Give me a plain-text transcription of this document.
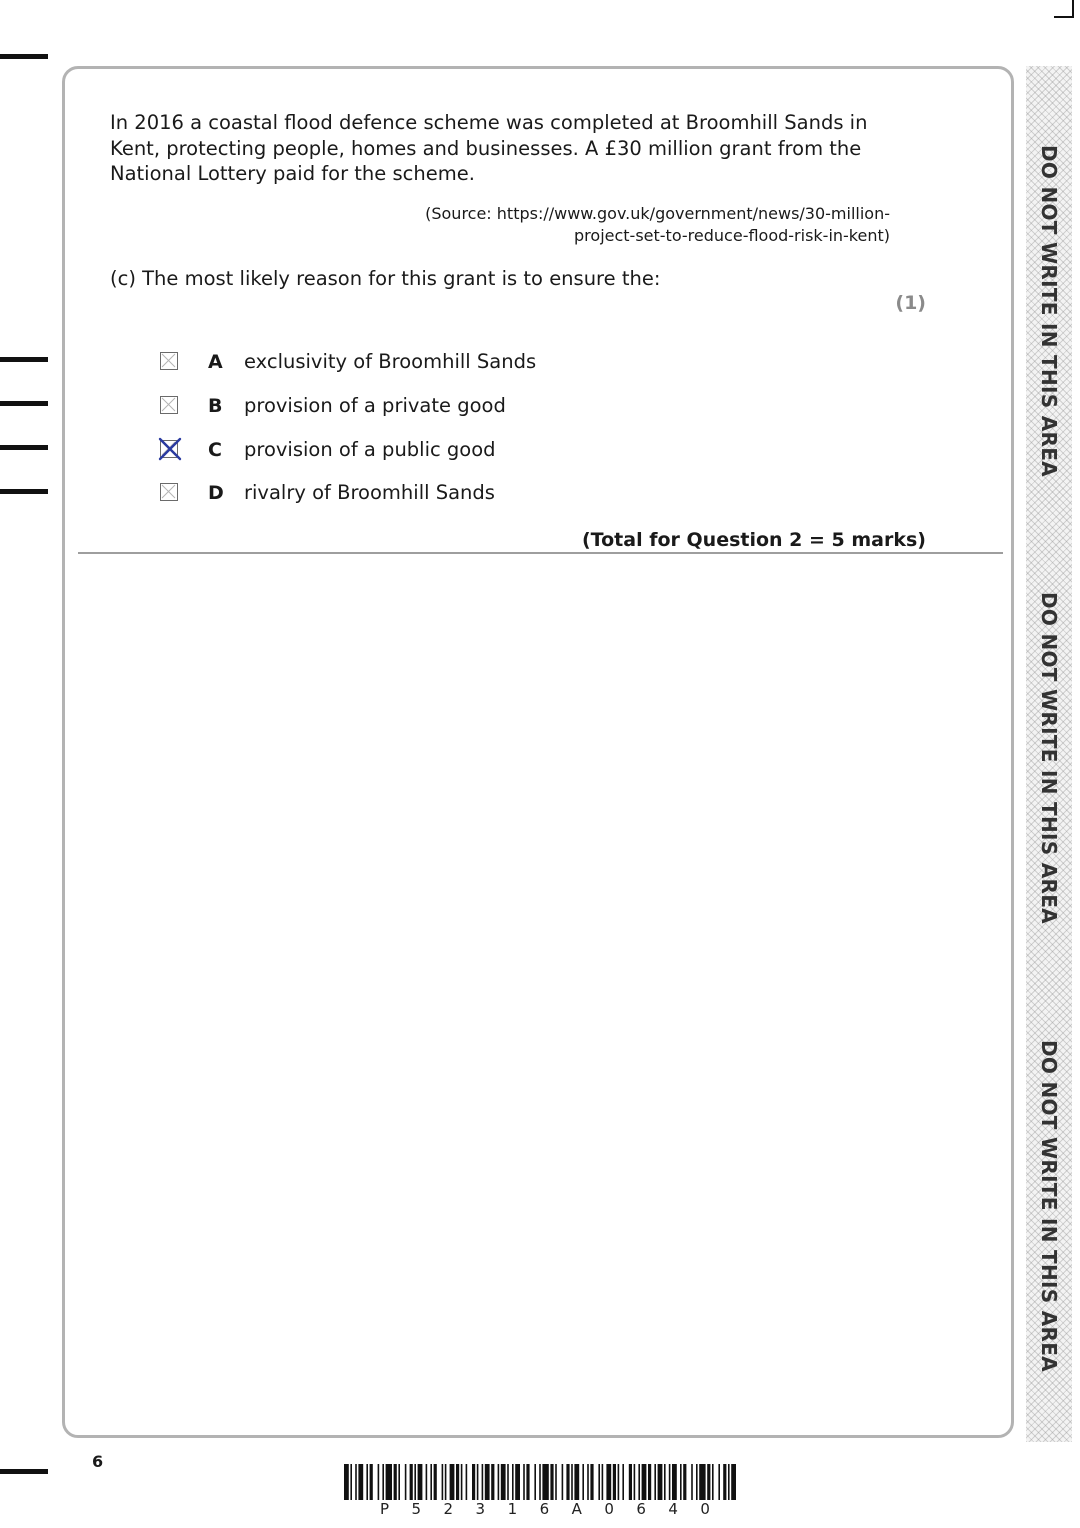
In 2016 a coastal flood defence scheme was completed at Broomhill Sands in Kent, protecting people, homes and businesses. A £30 million grant from the National Lottery paid for the scheme.

(Source: https://www.gov.uk/government/news/30-million-
project-set-to-reduce-flood-risk-in-kent)

(c) The most likely reason for this grant is to ensure the:

(1)

A exclusivity of Broomhill Sands
B provision of a private good
C provision of a public good
D rivalry of Broomhill Sands

(Total for Question 2 = 5 marks)

DO NOT WRITE IN THIS AREA
DO NOT WRITE IN THIS AREA
DO NOT WRITE IN THIS AREA
6
P 5 2 3 1 6 A 0 6 4 0
